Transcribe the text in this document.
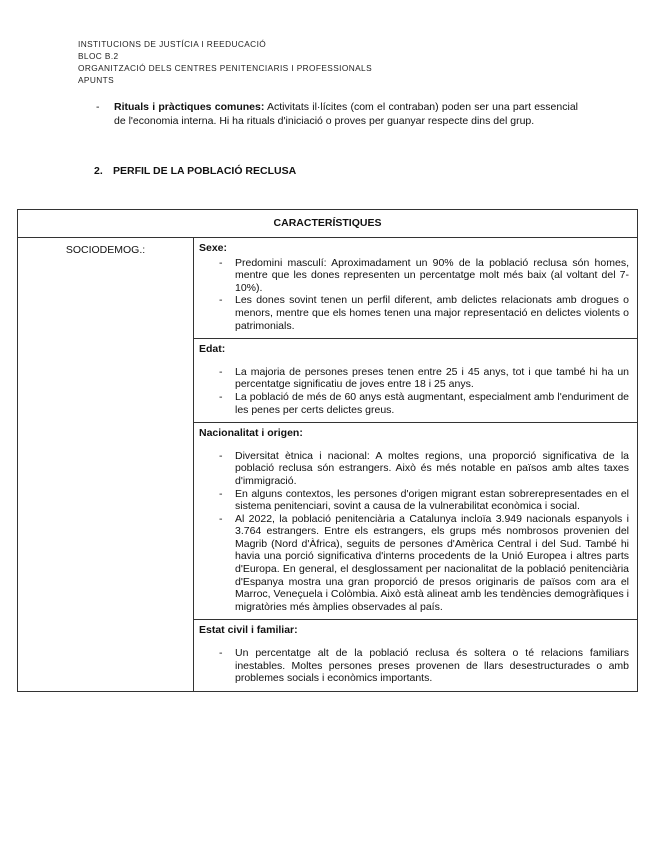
INSTITUCIONS DE JUSTÍCIA I REEDUCACIÓ
BLOC B.2
ORGANITZACIÓ DELS CENTRES PENITENCIARIS I PROFESSIONALS
APUNTS
- Rituals i pràctiques comunes: Activitats il·lícites (com el contraban) poden ser una part essencial de l'economia interna. Hi ha rituals d'iniciació o proves per guanyar respecte dins del grup.
2. PERFIL DE LA POBLACIÓ RECLUSA
CARACTERÍSTIQUES
SOCIODEMOG.:	Sexe:
- Predomini masculí: Aproximadament un 90% de la població reclusa són homes, mentre que les dones representen un percentatge molt més baix (al voltant del 7-10%).
- Les dones sovint tenen un perfil diferent, amb delictes relacionats amb drogues o menors, mentre que els homes tenen una major representació en delictes violents o patrimonials.
Edat:
- La majoria de persones preses tenen entre 25 i 45 anys, tot i que també hi ha un percentatge significatiu de joves entre 18 i 25 anys.
- La població de més de 60 anys està augmentant, especialment amb l'enduriment de les penes per certs delictes greus.
Nacionalitat i origen:
- Diversitat ètnica i nacional: A moltes regions, una proporció significativa de la població reclusa són estrangers. Això és més notable en països amb altes taxes d'immigració.
- En alguns contextos, les persones d'origen migrant estan sobrerepresentades en el sistema penitenciari, sovint a causa de la vulnerabilitat econòmica i social.
- Al 2022, la població penitenciària a Catalunya incloïa 3.949 nacionals espanyols i 3.764 estrangers. Entre els estrangers, els grups més nombrosos provenien del Magrib (Nord d'Àfrica), seguits de persones d'Amèrica Central i del Sud. També hi havia una porció significativa d'interns procedents de la Unió Europea i altres parts d'Europa. En general, el desglossament per nacionalitat de la població penitenciària d'Espanya mostra una gran proporció de presos originaris de països com ara el Marroc, Veneçuela i Colòmbia. Això està alineat amb les tendències demogràfiques i migratòries més àmplies observades al país.
Estat civil i familiar:
- Un percentatge alt de la població reclusa és soltera o té relacions familiars inestables. Moltes persones preses provenen de llars desestructurades o amb problemes socials i econòmics importants.
